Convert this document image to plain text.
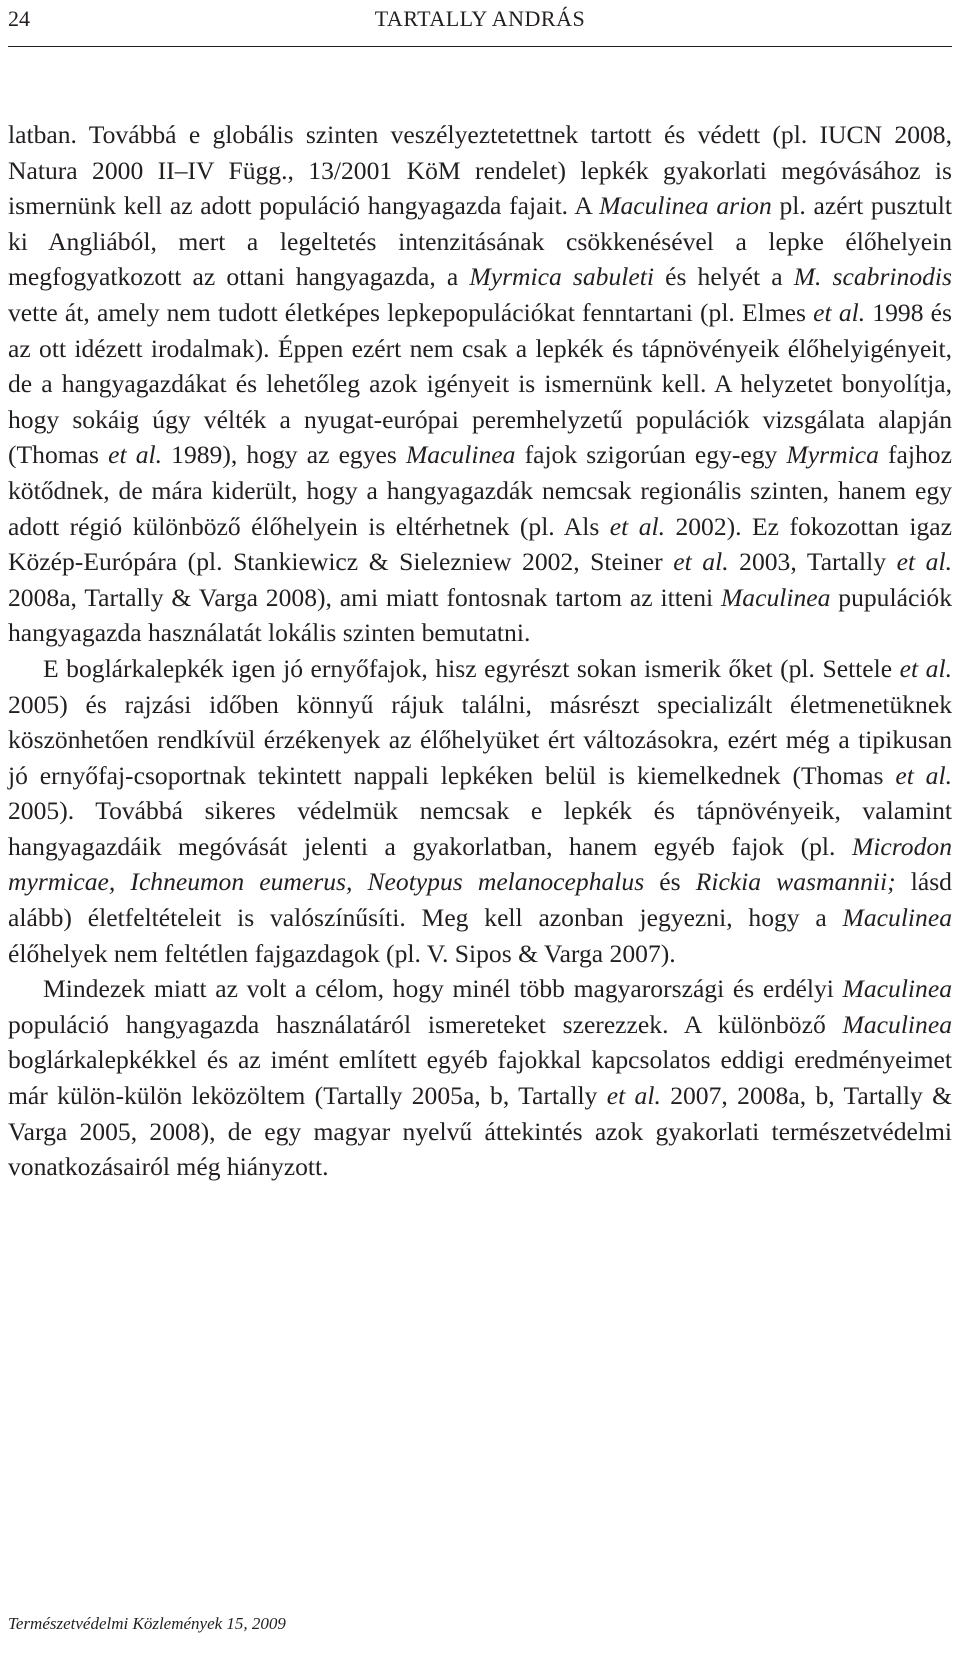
24	TARTALLY ANDRÁS

latban. Továbbá e globális szinten veszélyeztetettnek tartott és védett (pl. IUCN 2008, Natura 2000 II–IV Függ., 13/2001 KöM rendelet) lepkék gyakorlati megóvásához is ismernünk kell az adott populáció hangyagazda fajait. A Maculinea arion pl. azért pusztult ki Angliából, mert a legeltetés intenzitásának csökkenésével a lepke élőhelyein megfogyatkozott az ottani hangyagazda, a Myrmica sabuleti és helyét a M. scabrinodis vette át, amely nem tudott életképes lepkepopulációkat fenntartani (pl. Elmes et al. 1998 és az ott idézett irodalmak). Éppen ezért nem csak a lepkék és tápnövényeik élőhelyigényeit, de a hangyagazdákat és lehetőleg azok igényeit is ismernünk kell. A helyzetet bonyolítja, hogy sokáig úgy vélték a nyugat-európai peremhelyzetű populációk vizsgálata alapján (Thomas et al. 1989), hogy az egyes Maculinea fajok szigorúan egy-egy Myrmica fajhoz kötődnek, de mára kiderült, hogy a hangyagazdák nemcsak regionális szinten, hanem egy adott régió különböző élőhelyein is eltérhetnek (pl. Als et al. 2002). Ez fokozottan igaz Közép-Európára (pl. Stankiewicz & Sielezniew 2002, Steiner et al. 2003, Tartally et al. 2008a, Tartally & Varga 2008), ami miatt fontosnak tartom az itteni Maculinea pupulációk hangyagazda használatát lokális szinten bemutatni.

E boglárkalepkék igen jó ernyőfajok, hisz egyrészt sokan ismerik őket (pl. Settele et al. 2005) és rajzási időben könnyű rájuk találni, másrészt specializált életmenetüknek köszönhetően rendkívül érzékenyek az élőhelyüket ért változásokra, ezért még a tipikusan jó ernyőfaj-csoportnak tekintett nappali lepkéken belül is kiemelkednek (Thomas et al. 2005). Továbbá sikeres védelmük nemcsak e lepkék és tápnövényeik, valamint hangyagazdáik megóvását jelenti a gyakorlatban, hanem egyéb fajok (pl. Microdon myrmicae, Ichneumon eumerus, Neotypus melanocephalus és Rickia wasmannii; lásd alább) életfeltételeit is valószínűsíti. Meg kell azonban jegyezni, hogy a Maculinea élőhelyek nem feltétlen fajgazdagok (pl. V. Sipos & Varga 2007).

Mindezek miatt az volt a célom, hogy minél több magyarországi és erdélyi Maculinea populáció hangyagazda használatáról ismereteket szerezzek. A különböző Maculinea boglárkalepkékkel és az imént említett egyéb fajokkal kapcsolatos eddigi eredményeimet már külön-külön leközöltem (Tartally 2005a, b, Tartally et al. 2007, 2008a, b, Tartally & Varga 2005, 2008), de egy magyar nyelvű áttekintés azok gyakorlati természetvédelmi vonatkozásairól még hiányzott.

Természetvédelmi Közlemények 15, 2009
